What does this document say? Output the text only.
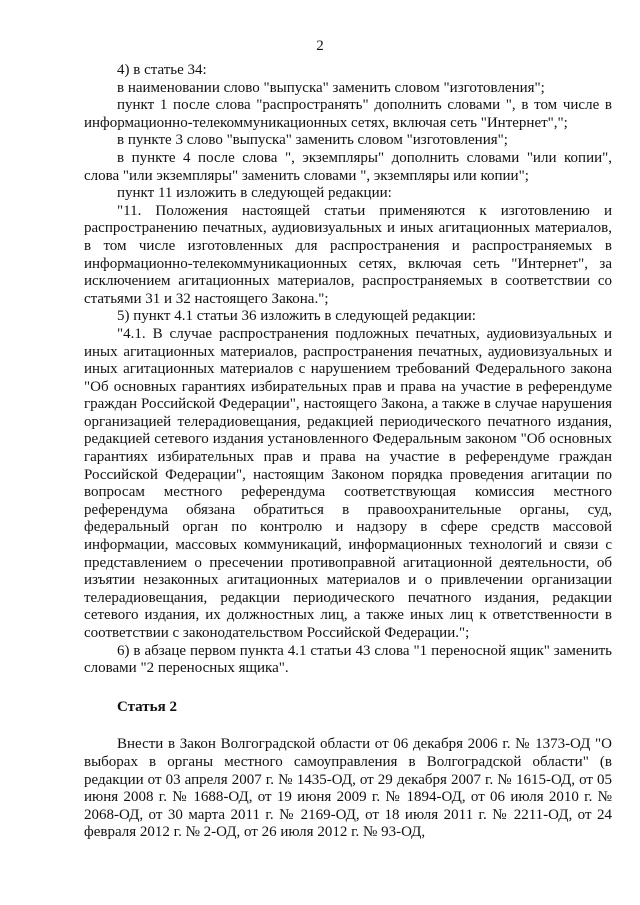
2

4) в статье 34:

в наименовании слово "выпуска" заменить словом "изготовления";

пункт 1 после слова "распространять" дополнить словами ", в том числе в информационно-телекоммуникационных сетях, включая сеть "Интернет",";

в пункте 3 слово "выпуска" заменить словом "изготовления";

в пункте 4 после слова ", экземпляры" дополнить словами "или копии", слова "или экземпляры" заменить словами ", экземпляры или копии";

пункт 11 изложить в следующей редакции:

"11. Положения настоящей статьи применяются к изготовлению и распространению печатных, аудиовизуальных и иных агитационных материалов, в том числе изготовленных для распространения и распространяемых в информационно-телекоммуникационных сетях, включая сеть "Интернет", за исключением агитационных материалов, распространяемых в соответствии со статьями 31 и 32 настоящего Закона.";

5) пункт 4.1 статьи 36 изложить в следующей редакции:

"4.1. В случае распространения подложных печатных, аудиовизуальных и иных агитационных материалов, распространения печатных, аудиовизуальных и иных агитационных материалов с нарушением требований Федерального закона "Об основных гарантиях избирательных прав и права на участие в референдуме граждан Российской Федерации", настоящего Закона, а также в случае нарушения организацией телерадиовещания, редакцией периодического печатного издания, редакцией сетевого издания установленного Федеральным законом "Об основных гарантиях избирательных прав и права на участие в референдуме граждан Российской Федерации", настоящим Законом порядка проведения агитации по вопросам местного референдума соответствующая комиссия местного референдума обязана обратиться в правоохранительные органы, суд, федеральный орган по контролю и надзору в сфере средств массовой информации, массовых коммуникаций, информационных технологий и связи с представлением о пресечении противоправной агитационной деятельности, об изъятии незаконных агитационных материалов и о привлечении организации телерадиовещания, редакции периодического печатного издания, редакции сетевого издания, их должностных лиц, а также иных лиц к ответственности в соответствии с законодательством Российской Федерации.";

6) в абзаце первом пункта 4.1 статьи 43 слова "1 переносной ящик" заменить словами "2 переносных ящика".

Статья 2

Внести в Закон Волгоградской области от 06 декабря 2006 г. № 1373-ОД "О выборах в органы местного самоуправления в Волгоградской области" (в редакции от 03 апреля 2007 г. № 1435-ОД, от 29 декабря 2007 г. № 1615-ОД, от 05 июня 2008 г. № 1688-ОД, от 19 июня 2009 г. № 1894-ОД, от 06 июля 2010 г. № 2068-ОД, от 30 марта 2011 г. № 2169-ОД, от 18 июля 2011 г. № 2211-ОД, от 24 февраля 2012 г. № 2-ОД, от 26 июля 2012 г. № 93-ОД,
